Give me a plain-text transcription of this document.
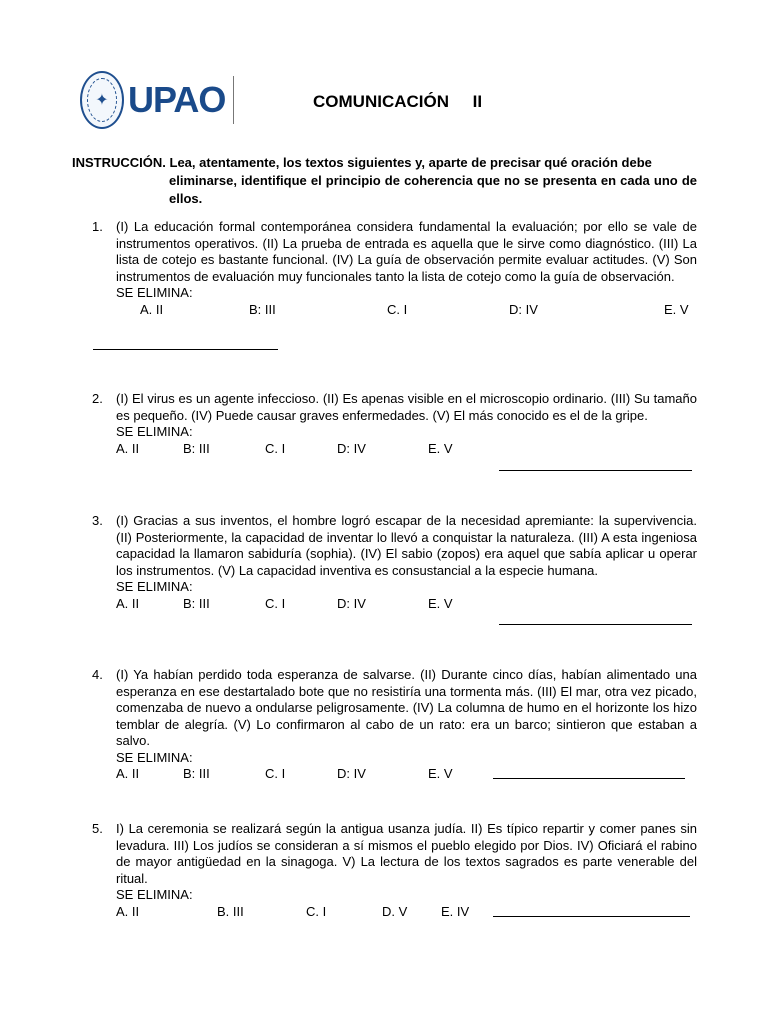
✦
UPAO	COMUNICACIÓN     II
INSTRUCCIÓN. Lea, atentamente, los textos siguientes y, aparte de precisar qué oración debe
eliminarse, identifique el principio de coherencia que no se presenta en cada uno de ellos.
1. (I) La educación formal contemporánea considera fundamental la evaluación; por ello se vale de instrumentos operativos. (II) La prueba de entrada es aquella que le sirve como diagnóstico. (III) La lista de cotejo es bastante funcional. (IV) La guía de observación permite evaluar actitudes. (V) Son instrumentos de evaluación muy funcionales tanto la lista de cotejo como la guía de observación.
SE ELIMINA:
A. II	B: III	C. I	D: IV	E. V
2. (I) El virus es un agente infeccioso. (II) Es apenas visible en el microscopio ordinario. (III) Su tamaño es pequeño. (IV) Puede causar graves enfermedades. (V) El más conocido es el de la gripe.
SE ELIMINA:
A. II	B: III	C. I	D: IV	E. V
3. (I) Gracias a sus inventos, el hombre logró escapar de la necesidad apremiante: la supervivencia. (II) Posteriormente, la capacidad de inventar lo llevó a conquistar la naturaleza. (III) A esta ingeniosa capacidad la llamaron sabiduría (sophia). (IV) El sabio (zopos) era aquel que sabía aplicar u operar los instrumentos. (V) La capacidad inventiva es consustancial a la especie humana.
SE ELIMINA:
A. II	B: III	C. I	D: IV	E. V
4. (I) Ya habían perdido toda esperanza de salvarse. (II) Durante cinco días, habían alimentado una esperanza en ese destartalado bote que no resistiría una tormenta más. (III) El mar, otra vez picado, comenzaba de nuevo a ondularse peligrosamente. (IV) La columna de humo en el horizonte los hizo temblar de alegría. (V) Lo confirmaron al cabo de un rato: era un barco; sintieron que estaban a salvo.
SE ELIMINA:
A. II	B: III	C. I	D: IV	E. V
5. I) La ceremonia se realizará según la antigua usanza judía. II) Es típico repartir y comer panes sin levadura. III) Los judíos se consideran a sí mismos el pueblo elegido por Dios. IV) Oficiará el rabino de mayor antigüedad en la sinagoga. V) La lectura de los textos sagrados es parte venerable del ritual.
SE ELIMINA:
A. II	B. III	C. I	D. V	E. IV
